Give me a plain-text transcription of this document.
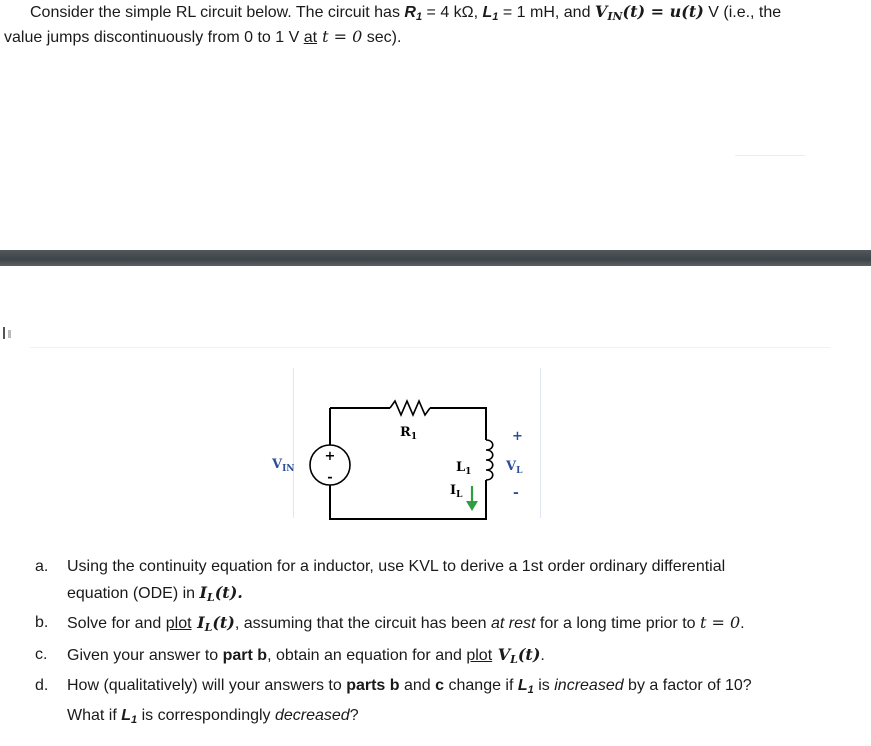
Consider the simple RL circuit below. The circuit has $R_1 = 4$ kΩ, $L_1 = 1$ mH, and $V_{IN}(t) = u(t)$ V (i.e., the
value jumps discontinuously from 0 to 1 V at t = 0 sec).
+
-
$V_{IN}$
$R_1$
$L_1$
$I_L$
+
$V_L$
-
a. Using the continuity equation for a inductor, use KVL to derive a 1st order ordinary differential
equation (ODE) in $I_L(t)$.
b. Solve for and plot $I_L(t)$, assuming that the circuit has been at rest for a long time prior to t = 0.
c. Given your answer to part b, obtain an equation for and plot $V_L(t)$.
d. How (qualitatively) will your answers to parts b and c change if $L_1$ is increased by a factor of 10?
What if $L_1$ is correspondingly decreased?
